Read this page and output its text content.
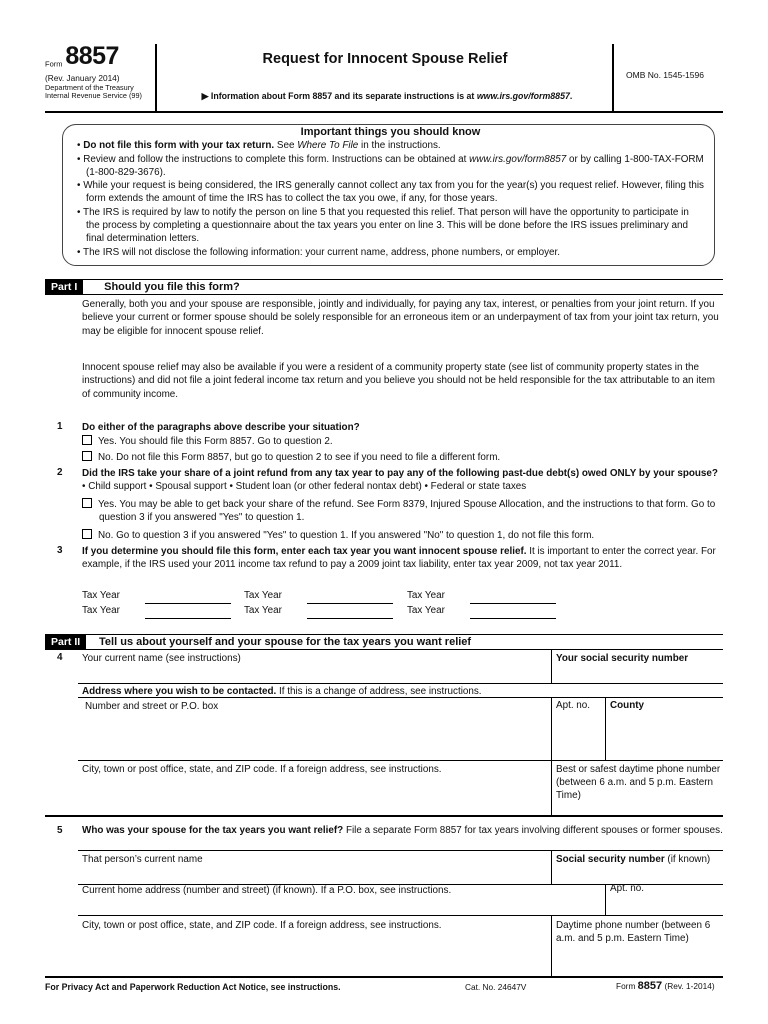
Form 8857
(Rev. January 2014)
Department of the Treasury
Internal Revenue Service (99)
Request for Innocent Spouse Relief
▶ Information about Form 8857 and its separate instructions is at www.irs.gov/form8857.
OMB No. 1545-1596
Important things you should know
• Do not file this form with your tax return. See Where To File in the instructions.
• Review and follow the instructions to complete this form. Instructions can be obtained at www.irs.gov/form8857 or by calling 1-800-TAX-FORM (1-800-829-3676).
• While your request is being considered, the IRS generally cannot collect any tax from you for the year(s) you request relief. However, filing this form extends the amount of time the IRS has to collect the tax you owe, if any, for those years.
• The IRS is required by law to notify the person on line 5 that you requested this relief. That person will have the opportunity to participate in the process by completing a questionnaire about the tax years you enter on line 3. This will be done before the IRS issues preliminary and final determination letters.
• The IRS will not disclose the following information: your current name, address, phone numbers, or employer.
Part I Should you file this form?
Generally, both you and your spouse are responsible, jointly and individually, for paying any tax, interest, or penalties from your joint return. If you believe your current or former spouse should be solely responsible for an erroneous item or an underpayment of tax from your joint tax return, you may be eligible for innocent spouse relief.
Innocent spouse relief may also be available if you were a resident of a community property state (see list of community property states in the instructions) and did not file a joint federal income tax return and you believe you should not be held responsible for the tax attributable to an item of community income.
1 Do either of the paragraphs above describe your situation?
Yes. You should file this Form 8857. Go to question 2.
No. Do not file this Form 8857, but go to question 2 to see if you need to file a different form.
2 Did the IRS take your share of a joint refund from any tax year to pay any of the following past-due debt(s) owed ONLY by your spouse? • Child support • Spousal support • Student loan (or other federal nontax debt) • Federal or state taxes
Yes. You may be able to get back your share of the refund. See Form 8379, Injured Spouse Allocation, and the instructions to that form. Go to question 3 if you answered "Yes" to question 1.
No. Go to question 3 if you answered "Yes" to question 1. If you answered "No" to question 1, do not file this form.
3 If you determine you should file this form, enter each tax year you want innocent spouse relief. It is important to enter the correct year. For example, if the IRS used your 2011 income tax refund to pay a 2009 joint tax liability, enter tax year 2009, not tax year 2011.
Tax Year	Tax Year	Tax Year
Tax Year	Tax Year	Tax Year
Part II Tell us about yourself and your spouse for the tax years you want relief
4 Your current name (see instructions)	Your social security number
Address where you wish to be contacted. If this is a change of address, see instructions.
Number and street or P.O. box	Apt. no. County
City, town or post office, state, and ZIP code. If a foreign address, see instructions.	Best or safest daytime phone number (between 6 a.m. and 5 p.m. Eastern Time)
5 Who was your spouse for the tax years you want relief? File a separate Form 8857 for tax years involving different spouses or former spouses.
That person’s current name	Social security number (if known)
Current home address (number and street) (if known). If a P.O. box, see instructions.	Apt. no.
City, town or post office, state, and ZIP code. If a foreign address, see instructions.	Daytime phone number (between 6 a.m. and 5 p.m. Eastern Time)
For Privacy Act and Paperwork Reduction Act Notice, see instructions.	Cat. No. 24647V	Form 8857 (Rev. 1-2014)
